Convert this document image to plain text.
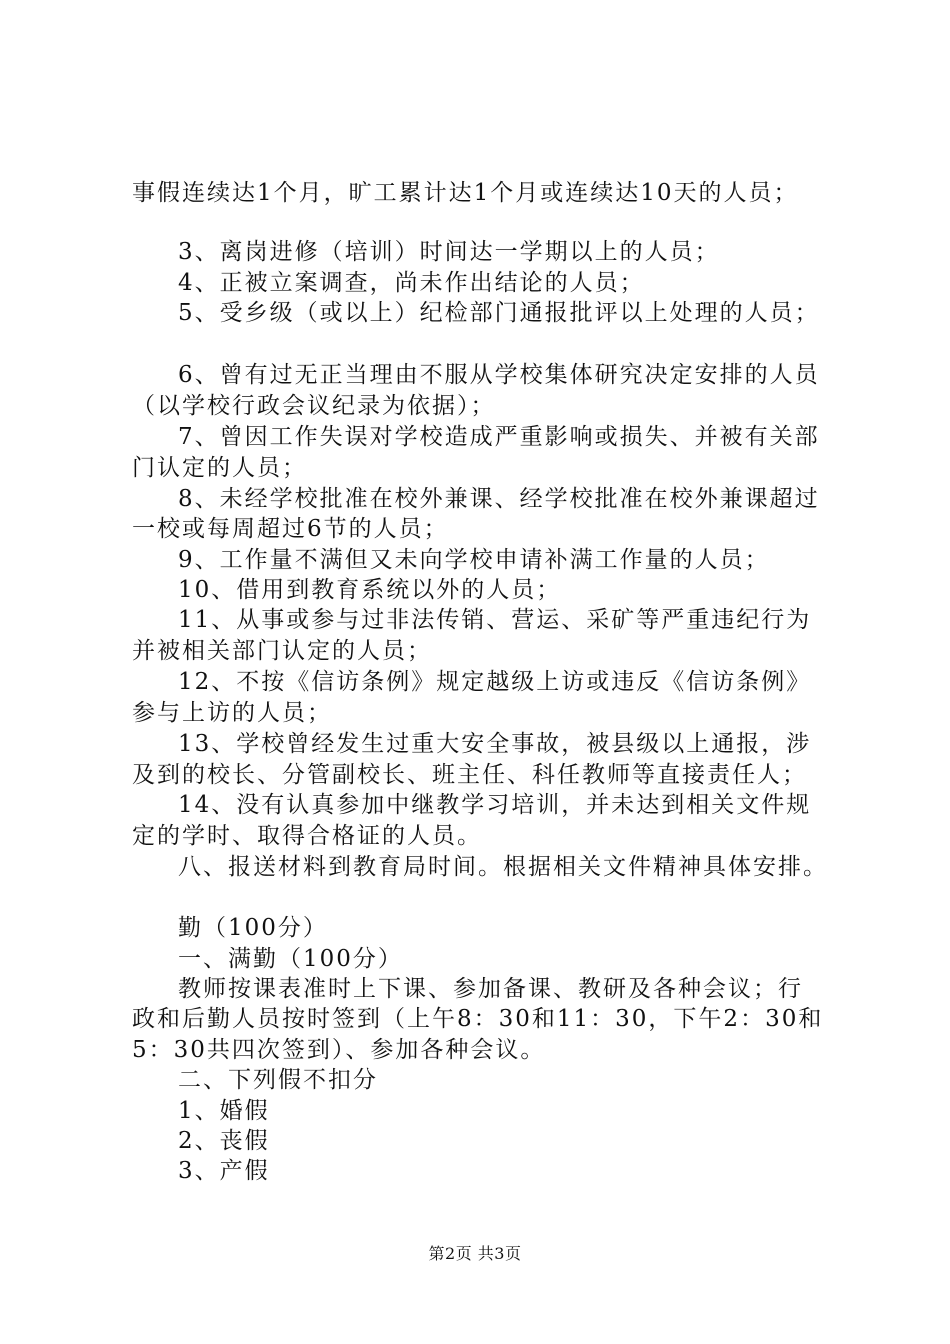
事假连续达1个月，旷工累计达1个月或连续达10天的人员；
3、离岗进修（培训）时间达一学期以上的人员；
4、正被立案调查，尚未作出结论的人员；
5、受乡级（或以上）纪检部门通报批评以上处理的人员；
6、曾有过无正当理由不服从学校集体研究决定安排的人员
（以学校行政会议纪录为依据）；
7、曾因工作失误对学校造成严重影响或损失、并被有关部
门认定的人员；
8、未经学校批准在校外兼课、经学校批准在校外兼课超过
一校或每周超过6节的人员；
9、工作量不满但又未向学校申请补满工作量的人员；
10、借用到教育系统以外的人员；
11、从事或参与过非法传销、营运、采矿等严重违纪行为
并被相关部门认定的人员；
12、不按《信访条例》规定越级上访或违反《信访条例》
参与上访的人员；
13、学校曾经发生过重大安全事故，被县级以上通报，涉
及到的校长、分管副校长、班主任、科任教师等直接责任人；
14、没有认真参加中继教学习培训，并未达到相关文件规
定的学时、取得合格证的人员。
八、报送材料到教育局时间。根据相关文件精神具体安排。
勤（100分）
一、满勤（100分）
教师按课表准时上下课、参加备课、教研及各种会议；行
政和后勤人员按时签到（上午8：30和11：30，下午2：30和
5：30共四次签到）、参加各种会议。
二、下列假不扣分
1、婚假
2、丧假
3、产假
第2页 共3页
